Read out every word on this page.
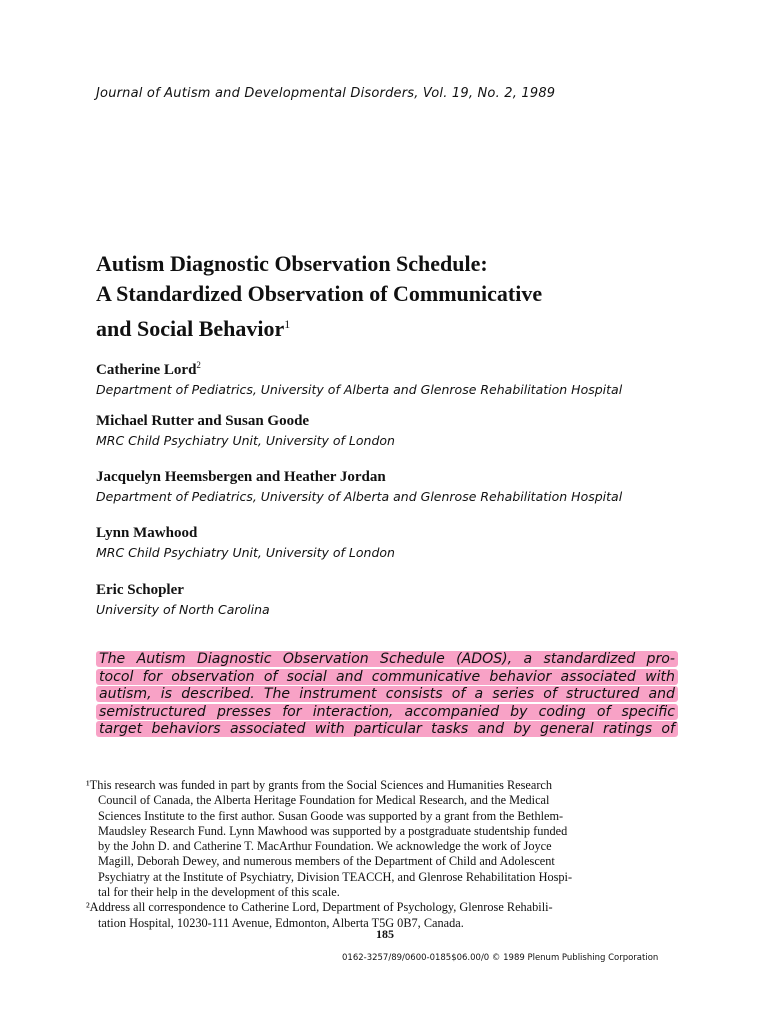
Journal of Autism and Developmental Disorders, Vol. 19, No. 2, 1989
Autism Diagnostic Observation Schedule:
A Standardized Observation of Communicative
and Social Behavior$^1$
Catherine Lord$^2$
Department of Pediatrics, University of Alberta and Glenrose Rehabilitation Hospital
Michael Rutter and Susan Goode
MRC Child Psychiatry Unit, University of London
Jacquelyn Heemsbergen and Heather Jordan
Department of Pediatrics, University of Alberta and Glenrose Rehabilitation Hospital
Lynn Mawhood
MRC Child Psychiatry Unit, University of London
Eric Schopler
University of North Carolina
The Autism Diagnostic Observation Schedule (ADOS), a standardized pro-
tocol for observation of social and communicative behavior associated with
autism, is described. The instrument consists of a series of structured and
semistructured presses for interaction, accompanied by coding of specific
target behaviors associated with particular tasks and by general ratings of
¹This research was funded in part by grants from the Social Sciences and Humanities Research
Council of Canada, the Alberta Heritage Foundation for Medical Research, and the Medical
Sciences Institute to the first author. Susan Goode was supported by a grant from the Bethlem-
Maudsley Research Fund. Lynn Mawhood was supported by a postgraduate studentship funded
by the John D. and Catherine T. MacArthur Foundation. We acknowledge the work of Joyce
Magill, Deborah Dewey, and numerous members of the Department of Child and Adolescent
Psychiatry at the Institute of Psychiatry, Division TEACCH, and Glenrose Rehabilitation Hospi-
tal for their help in the development of this scale.
²Address all correspondence to Catherine Lord, Department of Psychology, Glenrose Rehabili-
tation Hospital, 10230-111 Avenue, Edmonton, Alberta T5G 0B7, Canada.
185
0162-3257/89/0600-0185$06.00/0 © 1989 Plenum Publishing Corporation
